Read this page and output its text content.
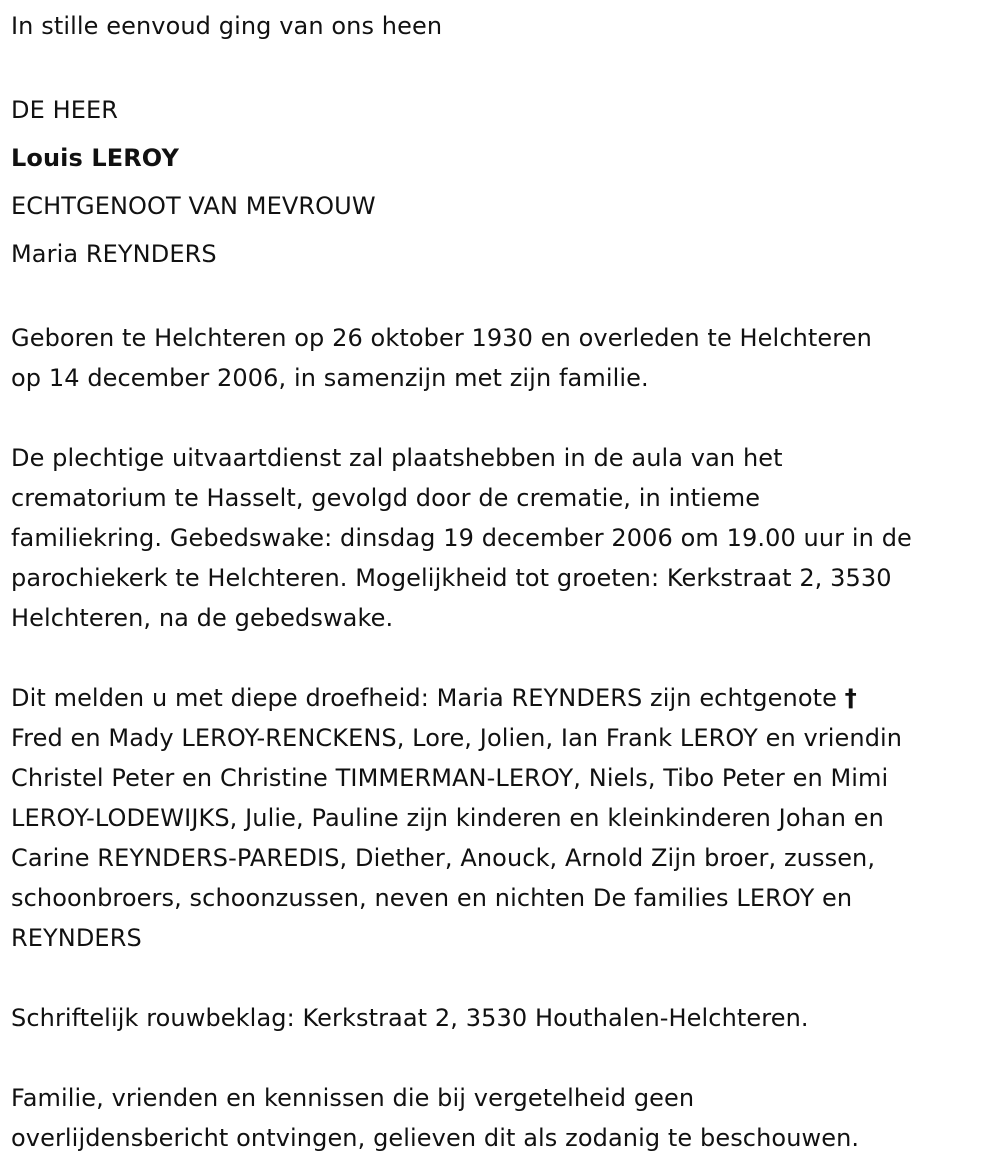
In stille eenvoud ging van ons heen

DE HEER

Louis LEROY

ECHTGENOOT VAN MEVROUW

Maria REYNDERS

Geboren te Helchteren op 26 oktober 1930 en overleden te Helchteren

op 14 december 2006, in samenzijn met zijn familie.

De plechtige uitvaartdienst zal plaatshebben in de aula van het

crematorium te Hasselt, gevolgd door de crematie, in intieme

familiekring. Gebedswake: dinsdag 19 december 2006 om 19.00 uur in de

parochiekerk te Helchteren. Mogelijkheid tot groeten: Kerkstraat 2, 3530

Helchteren, na de gebedswake.

Dit melden u met diepe droefheid: Maria REYNDERS zijn echtgenote †

Fred en Mady LEROY-RENCKENS, Lore, Jolien, Ian Frank LEROY en vriendin

Christel Peter en Christine TIMMERMAN-LEROY, Niels, Tibo Peter en Mimi

LEROY-LODEWIJKS, Julie, Pauline zijn kinderen en kleinkinderen Johan en

Carine REYNDERS-PAREDIS, Diether, Anouck, Arnold Zijn broer, zussen,

schoonbroers, schoonzussen, neven en nichten De families LEROY en

REYNDERS

Schriftelijk rouwbeklag: Kerkstraat 2, 3530 Houthalen-Helchteren.

Familie, vrienden en kennissen die bij vergetelheid geen

overlijdensbericht ontvingen, gelieven dit als zodanig te beschouwen.
